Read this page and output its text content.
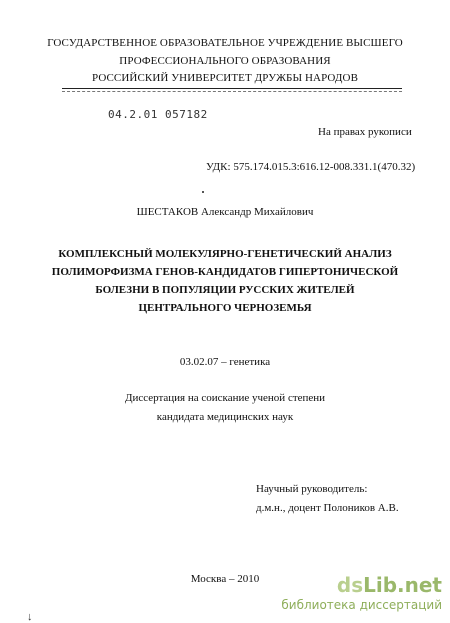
ГОСУДАРСТВЕННОЕ ОБРАЗОВАТЕЛЬНОЕ УЧРЕЖДЕНИЕ ВЫСШЕГО
ПРОФЕССИОНАЛЬНОГО ОБРАЗОВАНИЯ
РОССИЙСКИЙ УНИВЕРСИТЕТ ДРУЖБЫ НАРОДОВ
04.2.01 057182
На правах рукописи
УДК: 575.174.015.3:616.12-008.331.1(470.32)
ШЕСТАКОВ Александр Михайлович
КОМПЛЕКСНЫЙ МОЛЕКУЛЯРНО-ГЕНЕТИЧЕСКИЙ АНАЛИЗ
ПОЛИМОРФИЗМА ГЕНОВ-КАНДИДАТОВ ГИПЕРТОНИЧЕСКОЙ
БОЛЕЗНИ В ПОПУЛЯЦИИ РУССКИХ ЖИТЕЛЕЙ
ЦЕНТРАЛЬНОГО ЧЕРНОЗЕМЬЯ
03.02.07 – генетика
Диссертация на соискание ученой степени
кандидата медицинских наук
Научный руководитель:
д.м.н., доцент Полоников А.В.
Москва – 2010
↓
dsLib.net
библиотека диссертаций
